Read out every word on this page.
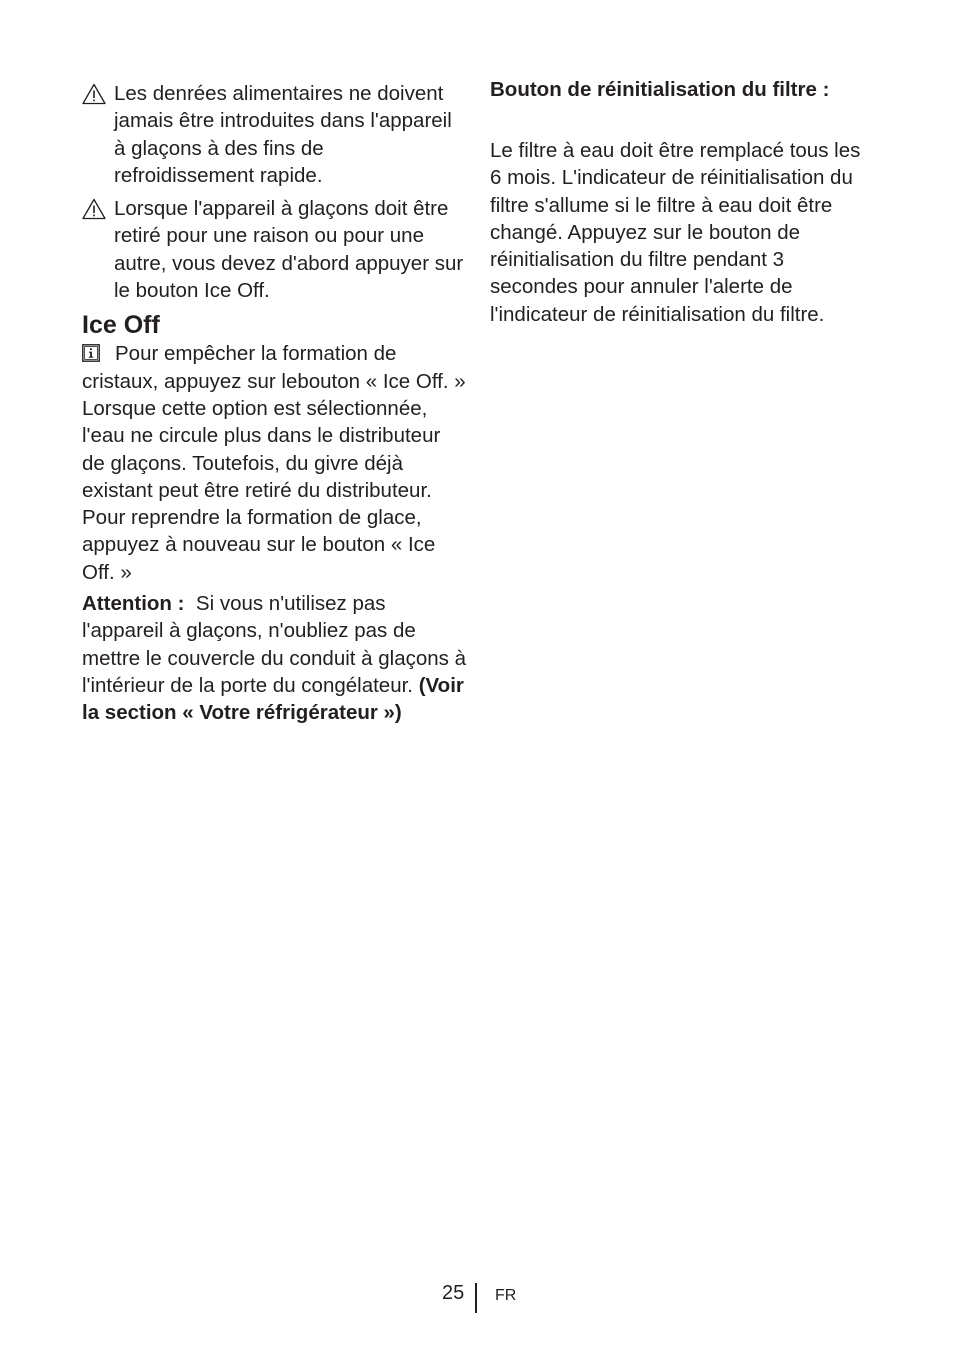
Les denrées alimentaires ne doivent jamais être introduites dans l'appareil à glaçons à des fins de refroidissement rapide.
Lorsque l'appareil à glaçons doit être retiré pour une raison ou pour une autre, vous devez d'abord appuyer sur le bouton Ice Off.
Ice Off

Pour empêcher la formation de cristaux, appuyez sur lebouton « Ice Off. » Lorsque cette option est sélectionnée, l'eau ne circule plus dans le distributeur de glaçons. Toutefois, du givre déjà existant peut être retiré du distributeur. Pour reprendre la formation de glace, appuyez à nouveau sur le bouton « Ice Off. »

Attention : Si vous n'utilisez pas l'appareil à glaçons, n'oubliez pas de mettre le couvercle du conduit à glaçons à l'intérieur de la porte du congélateur. (Voir la section « Votre réfrigérateur »)

Bouton de réinitialisation du filtre :

Le filtre à eau doit être remplacé tous les 6 mois. L'indicateur de réinitialisation du filtre s'allume si le filtre à eau doit être changé. Appuyez sur le bouton de réinitialisation du filtre pendant 3 secondes pour annuler l'alerte de l'indicateur de réinitialisation du filtre.

25 FR
